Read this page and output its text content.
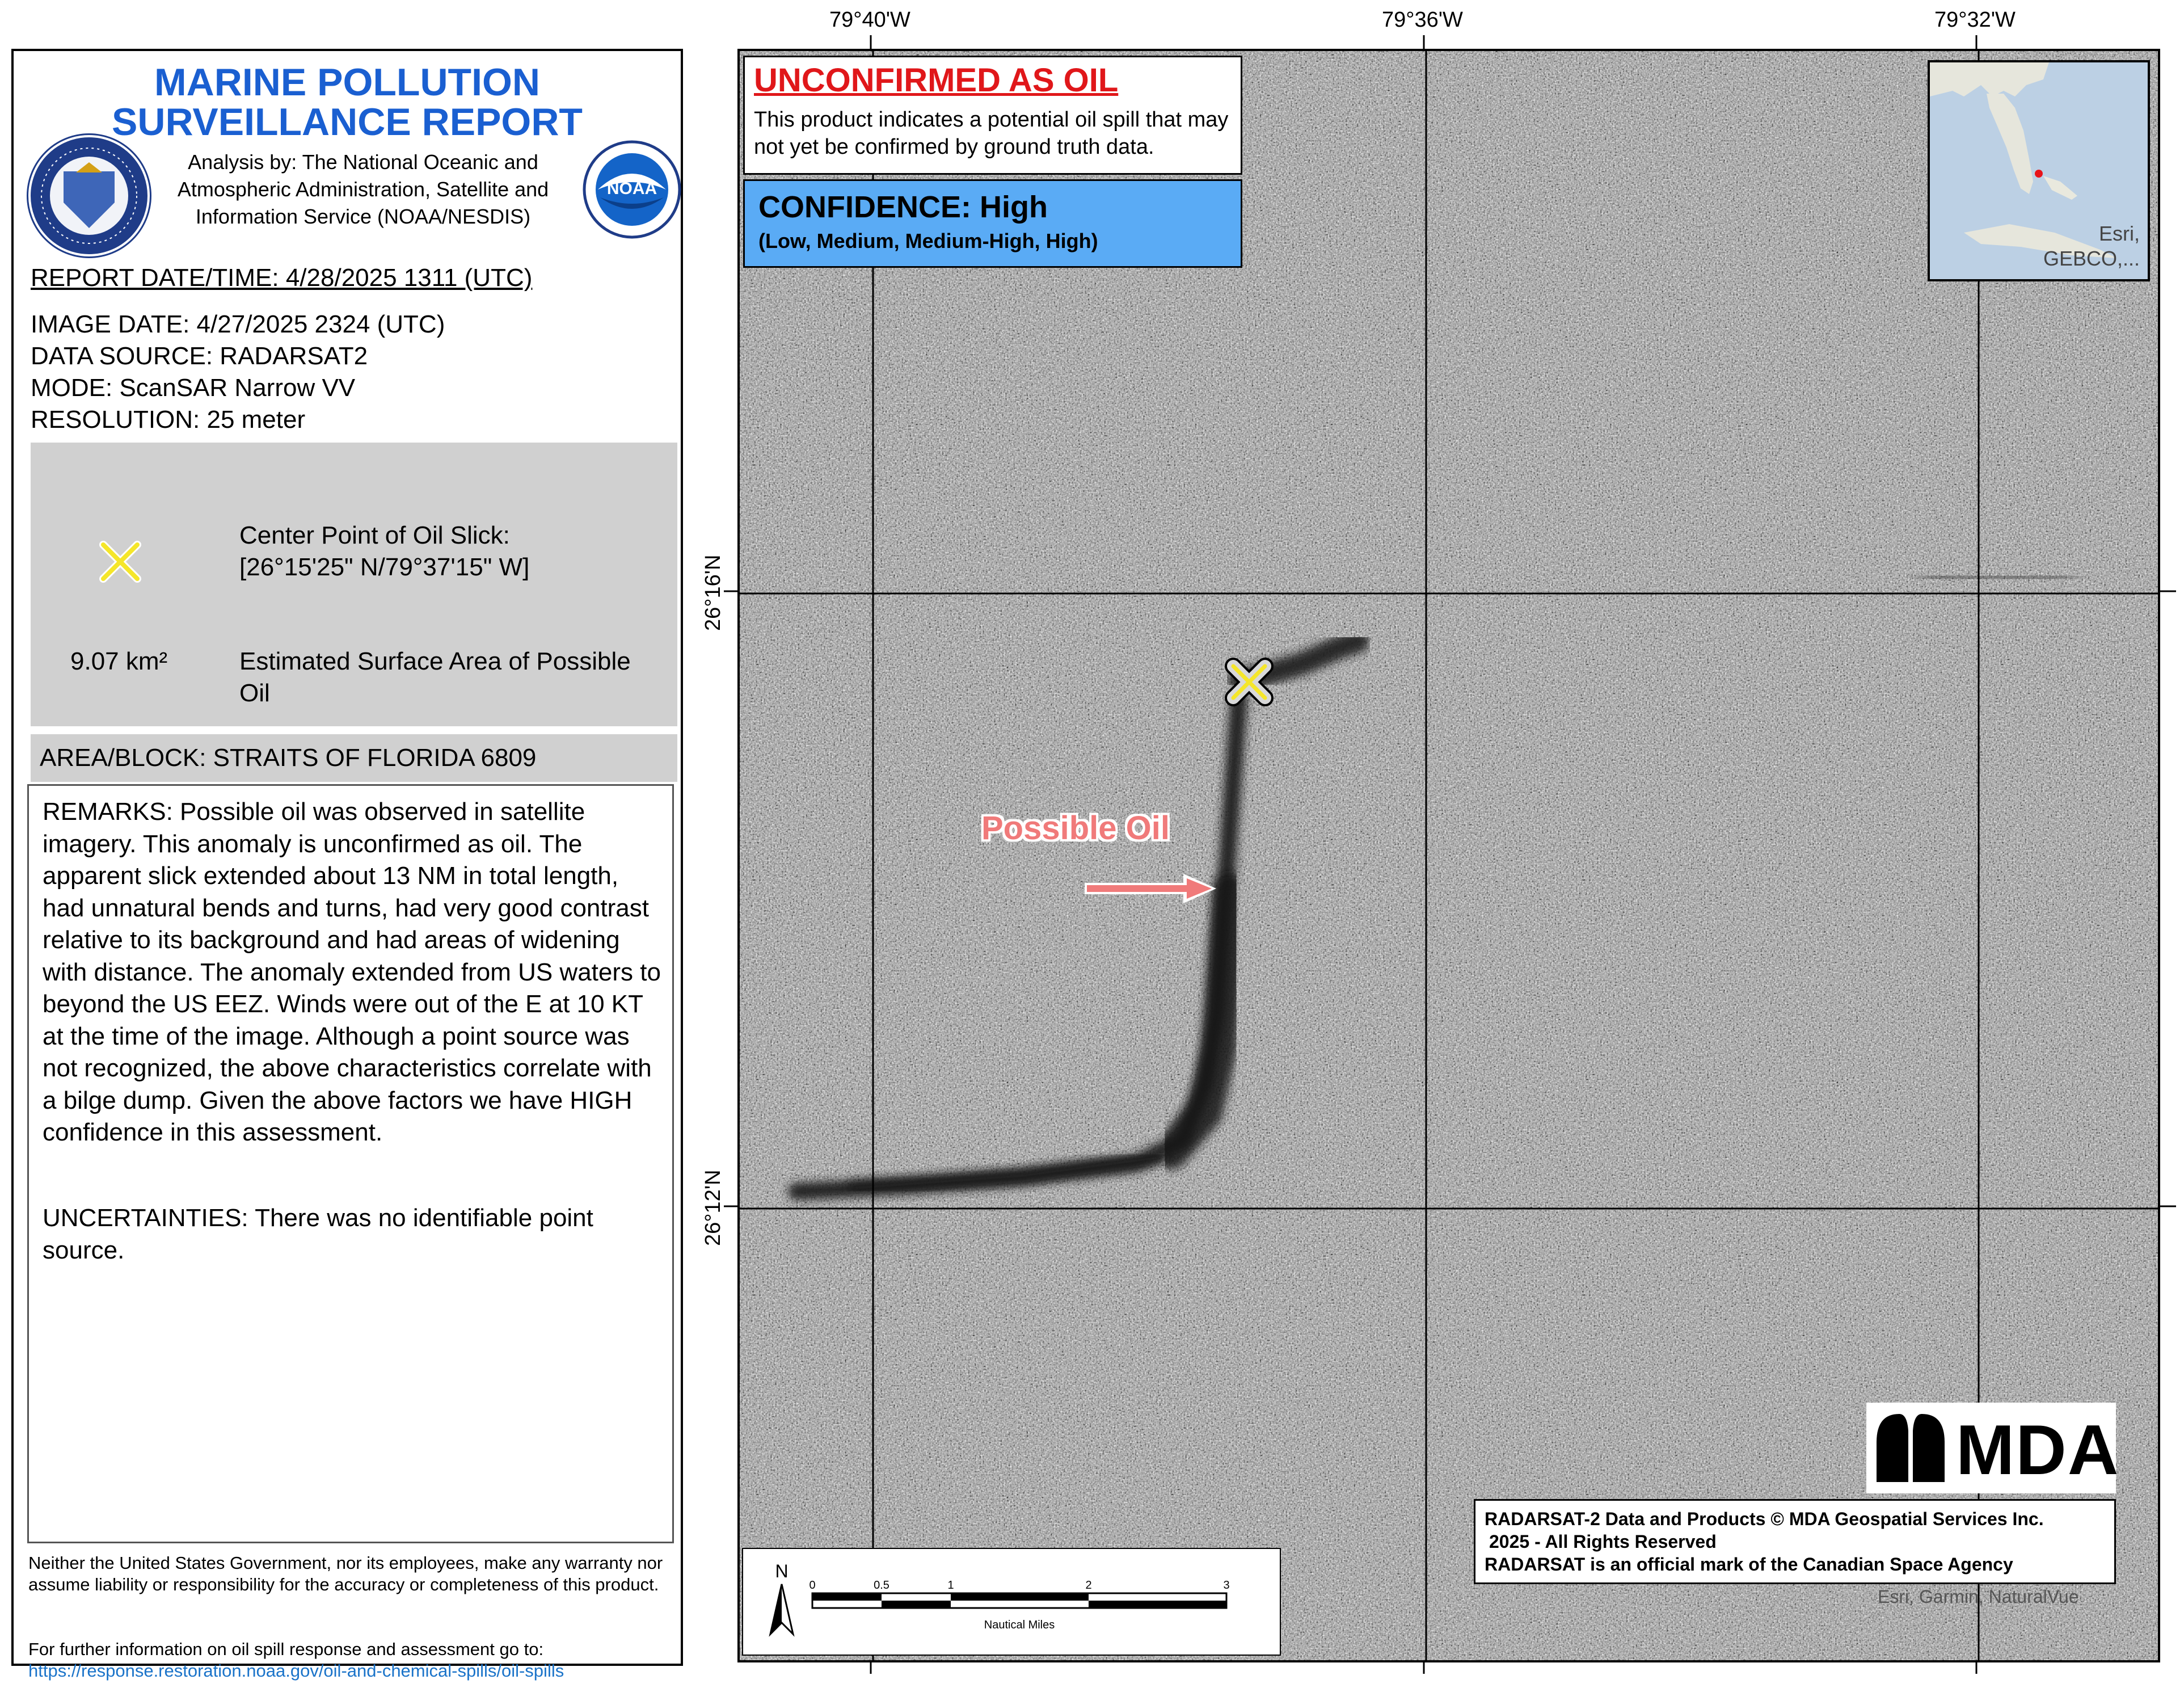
MARINE POLLUTION
SURVEILLANCE REPORT
Analysis by: The National Oceanic and Atmospheric Administration, Satellite and Information Service (NOAA/NESDIS)
NOAA
REPORT DATE/TIME: 4/28/2025 1311 (UTC)
IMAGE DATE: 4/27/2025 2324 (UTC)
DATA SOURCE: RADARSAT2
MODE: ScanSAR Narrow VV
RESOLUTION: 25 meter
Center Point of Oil Slick:
[26°15'25" N/79°37'15" W]
9.07 km²	Estimated Surface Area of Possible Oil
AREA/BLOCK: STRAITS OF FLORIDA 6809
REMARKS: Possible oil was observed in satellite imagery. This anomaly is unconfirmed as oil. The apparent slick extended about 13 NM in total length, had unnatural bends and turns, had very good contrast relative to its background and had areas of widening with distance. The anomaly extended from US waters to beyond the US EEZ. Winds were out of the E at 10 KT at the time of the image. Although a point source was not recognized, the above characteristics correlate with a bilge dump. Given the above factors we have HIGH confidence in this assessment.
UNCERTAINTIES: There was no identifiable point source.
Neither the United States Government, nor its employees, make any warranty nor assume liability or responsibility for the accuracy or completeness of this product.
For further information on oil spill response and assessment go to: https://response.restoration.noaa.gov/oil-and-chemical-spills/oil-spills
79°40'W	79°36'W	79°32'W
26°16'N
26°12'N
UNCONFIRMED AS OIL
This product indicates a potential oil spill that may not yet be confirmed by ground truth data.
CONFIDENCE: High
(Low, Medium, Medium-High, High)	Esri,
GEBCO,...
Possible Oil
MDA
RADARSAT-2 Data and Products © MDA Geospatial Services Inc.
2025 - All Rights Reserved
RADARSAT is an official mark of the Canadian Space Agency
Esri, Garmin, NaturalVue
N
0	0.5	1	2	3
Nautical Miles
